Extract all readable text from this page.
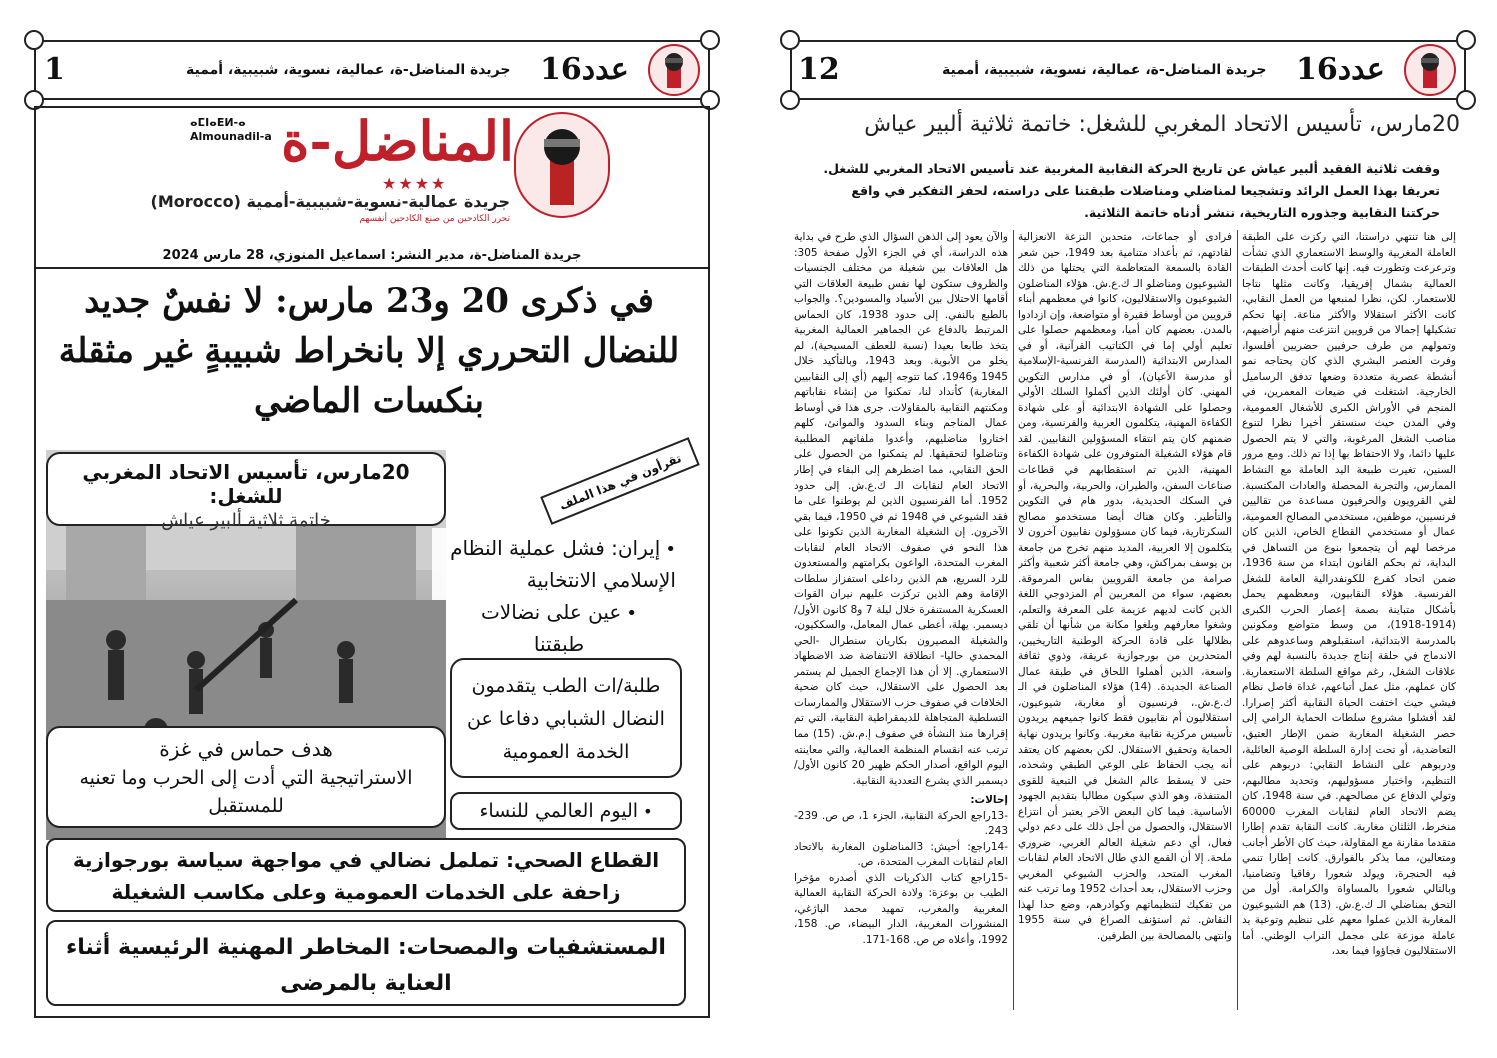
1	جريدة المناضل-ة، عمالية، نسوية، شبيبية، أممية عدد16
ⴰⵎⵏⴰⴹⵍ-ⴰ
Almounadil-a المناضل-ة
★★★★
جريدة عمالية-نسوية-شبيبية-أممية (Morocco)
تحرر الكادحين من صنع الكادحين أنفسهم
جريدة المناضل-ة، مدير النشر: اسماعيل المنوزي، 28 مارس 2024
في ذكرى 20 و23 مارس: لا نفسٌ جديد للنضال التحرري إلا بانخراط شبيبةٍ غير مثقلة بنكسات الماضي
تقرأون في هذا الملف
20مارس، تأسيس الاتحاد المغربي للشغل:
خاتمة ثلاثية ألبير عياش
• إيران: فشل عملية النظام الإسلامي الانتخابية
• عين على نضالات طبقتنا
طلبة/ات الطب يتقدمون النضال الشبابي دفاعا عن الخدمة العمومية
هدف حماس في غزة
الاستراتيجية التي أدت إلى الحرب وما تعنيه للمستقبل	• اليوم العالمي للنساء
القطاع الصحي: تململ نضالي في مواجهة سياسة بورجوازية زاحفة على الخدمات العمومية وعلى مكاسب الشغيلة
المستشفيات والمصحات: المخاطر المهنية الرئيسية أثناء العناية بالمرضى
12	جريدة المناضل-ة، عمالية، نسوية، شبيبية، أممية عدد16
20مارس، تأسيس الاتحاد المغربي للشغل: خاتمة ثلاثية ألبير عياش
وقفت ثلاثية الفقيد ألبير عياش عن تاريخ الحركة النقابية المغربية عند تأسيس الاتحاد المغربي للشغل. تعريفا بهذا العمل الرائد وتشجيعا لمناضلي ومناضلات طبقتنا على دراسته، لحفز التفكير في واقع حركتنا النقابية وجذوره التاريخية، ننشر أدناه خاتمة الثلاثية.

إلى هنا تنتهي دراستنا، التي ركزت على الطبقة العاملة المغربية والوسط الاستعماري الذي نشأت وترعرعت وتطورت فيه. إنها كانت أحدث الطبقات العمالية بشمال إفريقيا، وكانت مثلها نتاجا للاستعمار. لكن، نظرا لمنبعها من العمل النقابي، كانت الأكثر استقلالا والأكثر مناعة. إنها تحكم تشكيلها إجمالا من قرويين انتزعت منهم أراضيهم، وتمولهم من طرف حرفيين حضريين أفلسوا، وفرت العنصر البشري الذي كان يحتاجه نمو أنشطة عصرية متعددة وضعها تدفق الرساميل الخارجية. اشتغلت في ضيعات المعمرين، في المنجم في الأوراش الكبرى للأشغال العمومية، وفي المدن حيث سنستقر أخيرا نظرا لتنوع مناصب الشغل المرغوبة، والتي لا يتم الحصول عليها دائما، ولا الاحتفاظ بها إذا تم ذلك. ومع مرور السنين، تغيرت طبيعة اليد العاملة مع النشاط الممارس، والتجربة المحصلة والعادات المكتسبة. لقي القرويون والحرفيون مساعدة من تقاليين فرنسيين، موظفين، مستخدمي المصالح العمومية، عمال أو مستخدمي القطاع الخاص، الذين كان مرخصا لهم أن يتجمعوا بنوع من التساهل في البداية، ثم بحكم القانون ابتداء من سنة 1936، ضمن اتحاد كفرع للكونفدرالية العامة للشغل الفرنسية. هؤلاء النقابيون، ومعظمهم يحمل بأشكال متباينة بصمة إعصار الحرب الكبرى (1914-1918)، من وسط متواضع ومكونين بالمدرسة الابتدائية، استقبلوهم وساعدوهم على الاندماج في حلقة إنتاج جديدة بالنسبة لهم وفي علاقات الشغل، رغم مواقع السلطة الاستعمارية. كان عملهم، مثل عمل أتباعهم، غداة فاصل نظام فيشي حيث اختفت الحياة النقابية أكثر إصرارا. لقد أفشلوا مشروع سلطات الحماية الرامي إلى حصر الشغيلة المغاربة ضمن الإطار العتيق، التعاضدية، أو تحت إدارة السلطة الوصية العائلية، ودربوهم على النشاط النقابي: دربوهم على التنظيم، واختيار مسؤوليهم، وتحديد مطالبهم، وتولي الدفاع عن مصالحهم. في سنة 1948، كان يضم الاتحاد العام لنقابات المغرب 60000 منخرط، الثلثان مغاربة. كانت النقابة تقدم إطارا متقدما مقارنة مع المقاولة، حيث كان الأطر أجانب ومتعالين، مما يذكر بالفوارق. كانت إطارا تنمي فيه الحنجرة، ويولد شعورا رفاقيا وتضامنيا، وبالتالي شعورا بالمساواة والكرامة. أول من التحق بمناضلي الـ ك.ع.ش. (13) هم الشيوعيون المغاربة الذين عملوا معهم على تنظيم وتوعية يد عاملة موزعة على مجمل التراب الوطني. أما الاستقلاليون فجاؤوا فيما بعد،

فرادى أو جماعات، متحدين النزعة الانعزالية لقادتهم، ثم بأعداد متنامية بعد 1949، حين شعر القادة بالسمعة المتعاظمة التي يحتلها من ذلك الشيوعيون ومناضلو الـ ك.ع.ش. هؤلاء المناضلون الشيوعيون والاستقلاليون، كانوا في معظمهم أبناء قرويين من أوساط فقيرة أو متواضعة، وإن ازدادوا بالمدن. بعضهم كان أميا، ومعظمهم حصلوا على تعليم أولي إما في الكتاتيب القرآنية، أو في المدارس الابتدائية (المدرسة الفرنسية-الإسلامية أو مدرسة الأعيان)، أو في مدارس التكوين المهني. كان أولئك الذين أكملوا السلك الأولي وحصلوا على الشهادة الابتدائية أو على شهادة الكفاءة المهنية، يتكلمون العربية والفرنسية، ومن ضمنهم كان يتم انتقاء المسؤولين النقابيين. لقد قام هؤلاء الشغيلة المتوفرون على شهادة الكفاءة المهنية، الذين تم استقطابهم في قطاعات صناعات السفن، والطيران، والحربية، والبحرية، أو في السكك الحديدية، بدور هام في التكوين والتأطير. وكان هناك أيضا مستخدمو مصالح السكرتارية، فيما كان مسؤولون نقابيون آخرون لا يتكلمون إلا العربية، المديد منهم تخرج من جامعة بن يوسف بمراكش، وهي جامعة أكثر شعبية وأكثر صرامة من جامعة القرويين بفاس المرموقة. بعضهم، سواء من المعربين أم المزدوجي اللغة الذين كانت لديهم عزيمة على المعرفة والتعلم، وشغوا معارفهم وبلغوا مكانة من شأنها أن تلقي بظلالها على قادة الحركة الوطنية التاريخيين، المتحدرين من بورجوازية عريقة، وذوي ثقافة واسعة، الذين أهملوا اللحاق في طبقة عمال الصناعة الجديدة. (14) هؤلاء المناضلون في الـ ك.ع.ش.، فرنسيون أو مغاربة، شيوعيون، استقلاليون أم نقابيون فقط كانوا جميعهم يريدون تأسيس مركزية نقابية مغربية. وكانوا يريدون نهاية الحماية وتحقيق الاستقلال. لكن بعضهم كان يعتقد أنه يجب الحفاظ على الوعي الطبقي وشحذه، حتى لا يسقط عالم الشغل في التبعية للقوى المتنفذة، وهو الذي سيكون مطالبا بتقديم الجهود الأساسية. فيما كان البعض الآخر يعتبر أن انتزاع الاستقلال، والحصول من أجل ذلك على دعم دولي فعال، أي دعم شغيلة العالم الغربي، ضروري ملحة. إلا أن القمع الذي طال الاتحاد العام لنقابات المغرب المتحد، والحزب الشيوعي المغربي وحزب الاستقلال، بعد أحداث 1952 وما ترتب عنه من تفكيك لتنظيماتهم وكوادرهم، وضع حدا لهذا النقاش. ثم استؤنف الصراع في سنة 1955 وانتهى بالمصالحة بين الطرفين.

والآن يعود إلى الذهن السؤال الذي طرح في بداية هذه الدراسة، أي في الجزء الأول صفحة 305: هل العلاقات بين شغيلة من مختلف الجنسيات والظروف ستكون لها نفس طبيعة العلاقات التي أقامها الاحتلال بين الأسياد والمسودين؟. والجواب بالطبع بالنفي. إلى حدود 1938، كان الحماس المرتبط بالدفاع عن الجماهير العمالية المغربية يتخذ طابعا بعيدا (نسبة للعطف المسيحية)، لم يخلو من الأبوية. وبعد 1943، وبالتأكيد خلال 1945 و1946، كما تتوجه إليهم (أي إلى النقابيين المغاربة) كأنداد لنا، تمكنوا من إنشاء نقاباتهم ومكنتهم النقابية بالمقاولات. جرى هذا في أوساط عمال المناجم وبناء السدود والموانئ، كلهم اختاروا مناضليهم، وأعدوا ملفاتهم المطلبية وتناضلوا لتحقيقها. لم يتمكنوا من الحصول على الحق النقابي، مما اضطرهم إلى البقاء في إطار الاتحاد العام لنقابات الـ ك.ع.ش. إلى حدود 1952. أما الفرنسيون الذين لم يوطنوا على ما فقد الشيوعي في 1948 ثم في 1950، فيما بقي الآخرون. إن الشغيلة المغاربة الذين تكونوا على هذا النحو في صفوف الاتحاد العام لنقابات المغرب المتحدة، الواعون بكرامتهم والمستعدون للرد السريع، هم الذين رداعلى استفزاز سلطات الإقامة وهم الذين تركزت عليهم نيران القوات العسكرية المستنفرة خلال ليلة 7 و8 كانون الأول/ديسمبر. يهلة، أعطى عمال المعامل، والسككيون، والشغيلة المصيرون بكاريان سنطرال -الحي المحمدي حاليا- انطلاقة الانتفاضة ضد الاضطهاد الاستعماري. إلا أن هذا الإجماع الجميل لم يستمر بعد الحصول على الاستقلال، حيث كان ضحية الخلافات في صفوف حزب الاستقلال والممارسات التسلطية المتجاهلة للديمقراطية النقابية، التي تم إقرارها منذ النشأة في صفوف إ.م.ش. (15) مما ترتب عنه انقسام المنظمة العمالية، والتي معاينته اليوم الواقع، أصدار الحكم ظهير 20 كانون الأول/ديسمبر الذي يشرع التعددية النقابية.

إحالات:

-13راجع الحركة النقابية، الجزء 1، ص ص. 239-243.

-14راجع: أحيش: 3المناضلون المغاربة بالاتحاد العام لنقابات المغرب المتحدة، ص.

-15راجع كتاب الذكريات الذي أصدره مؤخرا الطيب بن بوعزة: ولادة الحركة النقابية العمالية المغربية والمغرب، تمهيد محمد الباژغي، المنشورات المغربية، الدار البيضاء، ص. 158، 1992، وأعلاه ص ص. 168-171.
